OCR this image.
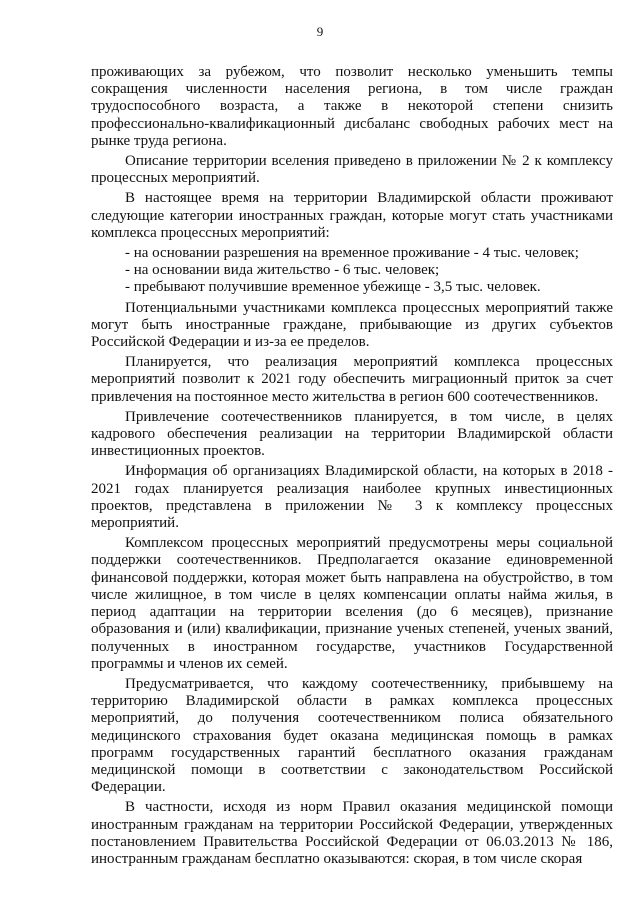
9

проживающих за рубежом, что позволит несколько уменьшить темпы сокращения численности населения региона, в том числе граждан трудоспособного возраста, а также в некоторой степени снизить профессионально-квалификационный дисбаланс свободных рабочих мест на рынке труда региона.

Описание территории вселения приведено в приложении № 2 к комплексу процессных мероприятий.

В настоящее время на территории Владимирской области проживают следующие категории иностранных граждан, которые могут стать участниками комплекса процессных мероприятий:

- на основании разрешения на временное проживание - 4 тыс. человек;

- на основании вида жительство - 6 тыс. человек;

- пребывают получившие временное убежище - 3,5 тыс. человек.

Потенциальными участниками комплекса процессных мероприятий также могут быть иностранные граждане, прибывающие из других субъектов Российской Федерации и из-за ее пределов.

Планируется, что реализация мероприятий комплекса процессных мероприятий позволит к 2021 году обеспечить миграционный приток за счет привлечения на постоянное место жительства в регион 600 соотечественников.

Привлечение соотечественников планируется, в том числе, в целях кадрового обеспечения реализации на территории Владимирской области инвестиционных проектов.

Информация об организациях Владимирской области, на которых в 2018 - 2021 годах планируется реализация наиболее крупных инвестиционных проектов, представлена в приложении № 3 к комплексу процессных мероприятий.

Комплексом процессных мероприятий предусмотрены меры социальной поддержки соотечественников. Предполагается оказание единовременной финансовой поддержки, которая может быть направлена на обустройство, в том числе жилищное, в том числе в целях компенсации оплаты найма жилья, в период адаптации на территории вселения (до 6 месяцев), признание образования и (или) квалификации, признание ученых степеней, ученых званий, полученных в иностранном государстве, участников Государственной программы и членов их семей.

Предусматривается, что каждому соотечественнику, прибывшему на территорию Владимирской области в рамках комплекса процессных мероприятий, до получения соотечественником полиса обязательного медицинского страхования будет оказана медицинская помощь в рамках программ государственных гарантий бесплатного оказания гражданам медицинской помощи в соответствии с законодательством Российской Федерации.

В частности, исходя из норм Правил оказания медицинской помощи иностранным гражданам на территории Российской Федерации, утвержденных постановлением Правительства Российской Федерации от 06.03.2013 № 186, иностранным гражданам бесплатно оказываются: скорая, в том числе скорая
